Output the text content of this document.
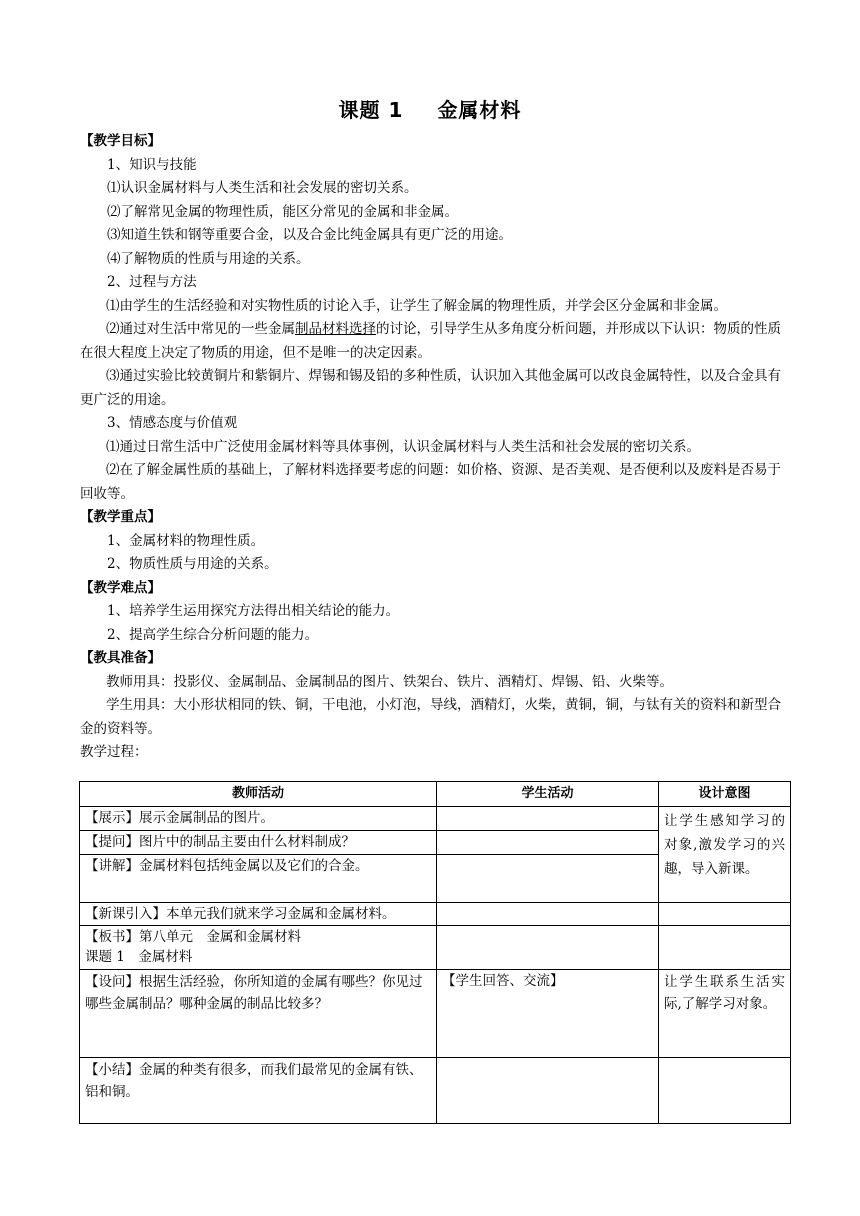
课题 1 金属材料
【教学目标】

1、知识与技能

⑴认识金属材料与人类生活和社会发展的密切关系。

⑵了解常见金属的物理性质，能区分常见的金属和非金属。

⑶知道生铁和钢等重要合金，以及合金比纯金属具有更广泛的用途。

⑷了解物质的性质与用途的关系。

2、过程与方法

⑴由学生的生活经验和对实物性质的讨论入手，让学生了解金属的物理性质，并学会区分金属和非金属。

⑵通过对生活中常见的一些金属制品材料选择的讨论，引导学生从多角度分析问题，并形成以下认识：物质的性质在很大程度上决定了物质的用途，但不是唯一的决定因素。

⑶通过实验比较黄铜片和紫铜片、焊锡和锡及铅的多种性质，认识加入其他金属可以改良金属特性，以及合金具有更广泛的用途。

3、情感态度与价值观

⑴通过日常生活中广泛使用金属材料等具体事例，认识金属材料与人类生活和社会发展的密切关系。

⑵在了解金属性质的基础上，了解材料选择要考虑的问题：如价格、资源、是否美观、是否便利以及废料是否易于回收等。

【教学重点】

1、金属材料的物理性质。

2、物质性质与用途的关系。

【教学难点】

1、培养学生运用探究方法得出相关结论的能力。

2、提高学生综合分析问题的能力。

【教具准备】

教师用具：投影仪、金属制品、金属制品的图片、铁架台、铁片、酒精灯、焊锡、铅、火柴等。

学生用具：大小形状相同的铁、铜，干电池，小灯泡，导线，酒精灯，火柴，黄铜，铜，与钛有关的资料和新型合金的资料等。

教学过程：
教师活动	学生活动	设计意图
【展示】展示金属制品的图片。		让学生感知学习的对象,激发学习的兴趣，导入新课。
【提问】图片中的制品主要由什么材料制成？		
【讲解】金属材料包括纯金属以及它们的合金。		
【新课引入】本单元我们就来学习金属和金属材料。		

【板书】第八单元　金属和金属材料
课题 1　金属材料		

【设问】根据生活经验，你所知道的金属有哪些？你见过哪些金属制品？哪种金属的制品比较多？	【学生回答、交流】	让学生联系生活实际,了解学习对象。
【小结】金属的种类有很多，而我们最常见的金属有铁、铝和铜。		
